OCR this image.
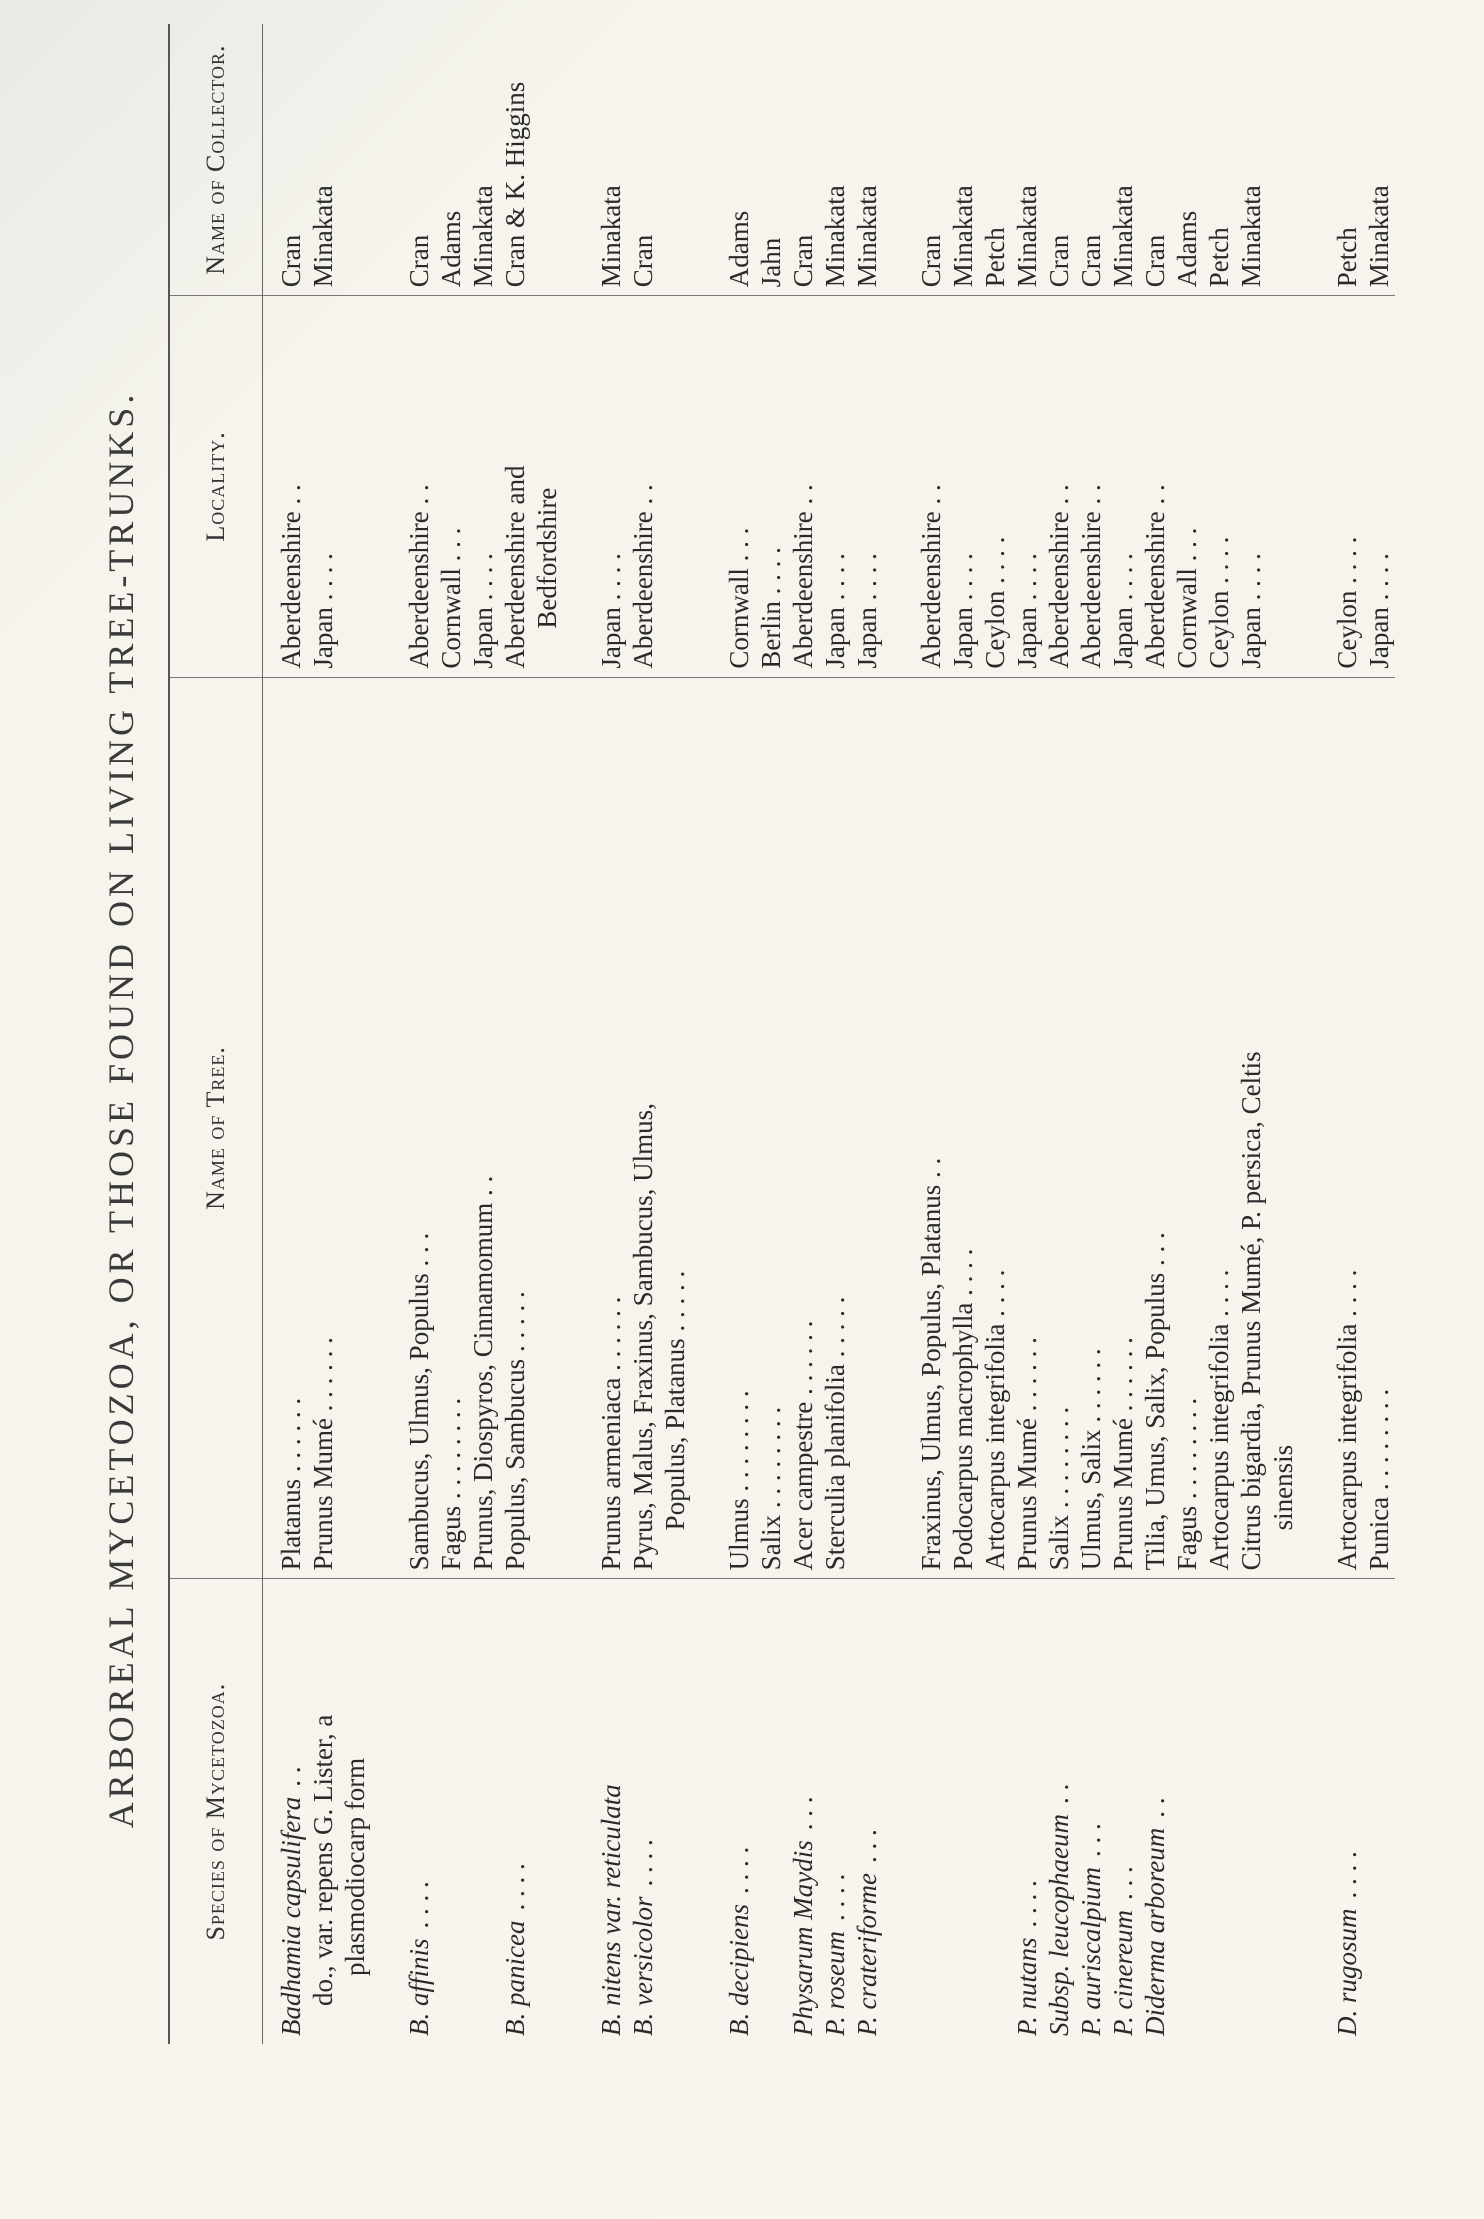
ARBOREAL MYCETOZOA, OR THOSE FOUND ON LIVING TREE-TRUNKS. Species of Mycetozoa.	Name of Tree.	Locality.	Name of Collector.
Badhamia capsulifera. .	Platanus . . . . . .	Aberdeenshire . .	Cran
do., var. repens G. Lister, a plasmodiocarp form	Prunus Mumé . . . . . .	Japan . . . .	Minakata
B. affinis. . . .	Sambucus, Ulmus, Populus . . .	Aberdeenshire . .	Cran
	Fagus . . . . . . . .	Cornwall . . .	Adams
	Prunus, Diospyros, Cinnamomum . .	Japan . . . .	Minakata
B. panicea. . . .	Populus, Sambucus . . . . .	Aberdeenshire and Bedfordshire	Cran & K. Higgins
B. nitens var. reticulata	Prunus armeniaca . . . . . .	Japan . . . .	Minakata
B. versicolor. . . .	Pyrus, Malus, Fraxinus, Sambucus, Ulmus, Populus, Platanus . . . . .	Aberdeenshire . .	Cran
B. decipiens. . . .	Ulmus . . . . . . . .	Cornwall . . .	Adams
	Salix . . . . . . . .	Berlin . . . .	Jahn
Physarum Maydis. . .	Acer campestre . . . . . .	Aberdeenshire . .	Cran
P. roseum. . . .	Sterculia planifolia . . . . .	Japan . . . .	Minakata
P. crateriforme. . .		Japan . . . .	Minakata
	Fraxinus, Ulmus, Populus, Platanus . .	Aberdeenshire . .	Cran
	Podocarpus macrophylla . . . .	Japan . . . .	Minakata
	Artocarpus integrifolia . . . .	Ceylon . . . .	Petch
P. nutans. . . .	Prunus Mumé . . . . . .	Japan . . . .	Minakata
Subsp. leucophaeum. .	Salix . . . . . . . .	Aberdeenshire . .	Cran
P. auriscalpium. . .	Ulmus, Salix . . . . . .	Aberdeenshire . .	Cran
P. cinereum. . .	Prunus Mumé . . . . . .	Japan . . . .	Minakata
Diderma arboreum. .	Tilia, Umus, Salix, Populus . . .	Aberdeenshire . .	Cran
	Fagus . . . . . . . .	Cornwall . . .	Adams
	Artocarpus integrifolia . . . .	Ceylon . . . .	Petch
	Citrus bigardia, Prunus Mumé, P. persica, Celtis sinensis	Japan . . . .	Minakata
D. rugosum. . . .	Artocarpus integrifolia . . . .	Ceylon . . . .	Petch
	Punica . . . . . . . .	Japan . . . .	Minakata
